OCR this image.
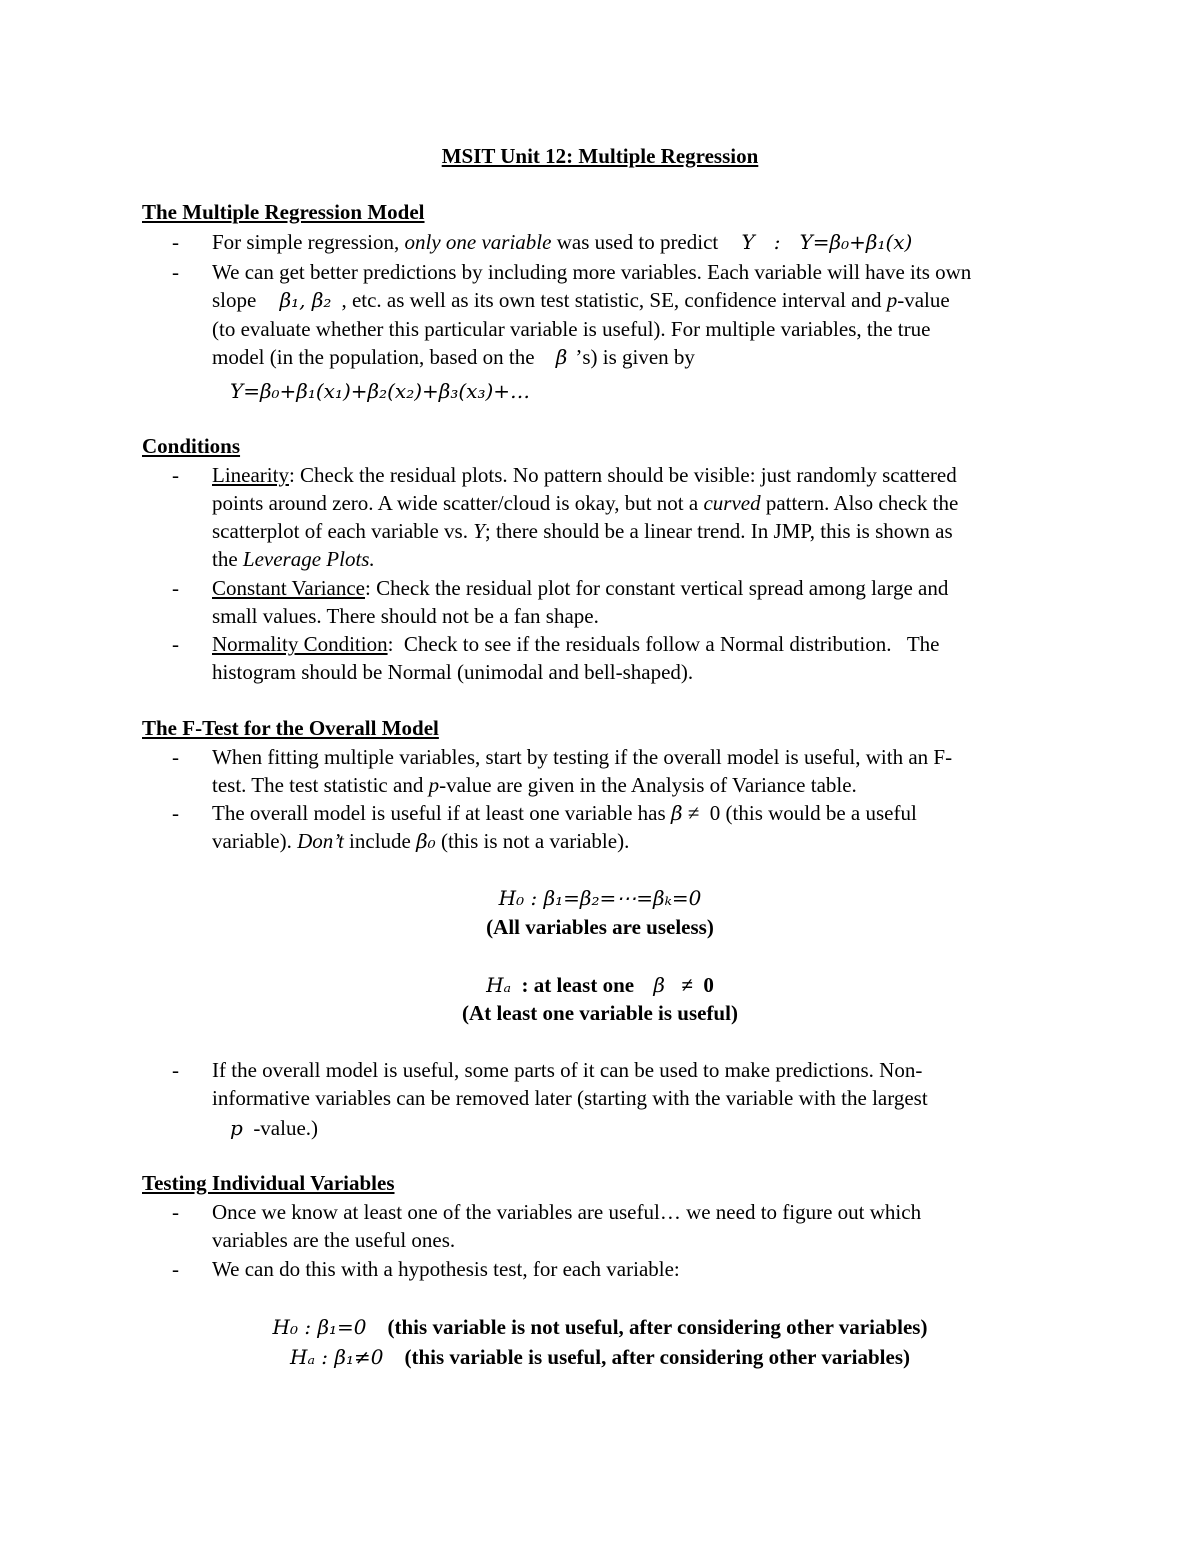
MSIT Unit 12: Multiple Regression
The Multiple Regression Model
- For simple regression, only one variable was used to predict Y   :   Y=β₀+β₁(x)
- We can get better predictions by including more variables. Each variable will have its own
slope β₁, β₂ , etc. as well as its own test statistic, SE, confidence interval and p-value
(to evaluate whether this particular variable is useful). For multiple variables, the true
model (in the population, based on the β ’s) is given by
Y=β₀+β₁(x₁)+β₂(x₂)+β₃(x₃)+…
Conditions
- Linearity: Check the residual plots. No pattern should be visible: just randomly scattered
points around zero. A wide scatter/cloud is okay, but not a curved pattern. Also check the
scatterplot of each variable vs. Y; there should be a linear trend. In JMP, this is shown as
the Leverage Plots.
- Constant Variance: Check the residual plot for constant vertical spread among large and
small values. There should not be a fan shape.
- Normality Condition:  Check to see if the residuals follow a Normal distribution.   The
histogram should be Normal (unimodal and bell-shaped).
The F-Test for the Overall Model
- When fitting multiple variables, start by testing if the overall model is useful, with an F-
test. The test statistic and p-value are given in the Analysis of Variance table.
- The overall model is useful if at least one variable has β ≠  0 (this would be a useful
variable). Don’t include β₀ (this is not a variable).
H₀ : β₁=β₂=⋯=βₖ=0
(All variables are useless)
Hₐ  : at least one β  ≠  0
(At least one variable is useful)
- If the overall model is useful, some parts of it can be used to make predictions. Non-
informative variables can be removed later (starting with the variable with the largest
p  -value.)
Testing Individual Variables
- Once we know at least one of the variables are useful… we need to figure out which
variables are the useful ones.
- We can do this with a hypothesis test, for each variable:
H₀ : β₁=0 (this variable is not useful, after considering other variables)
Hₐ : β₁≠0 (this variable is useful, after considering other variables)
